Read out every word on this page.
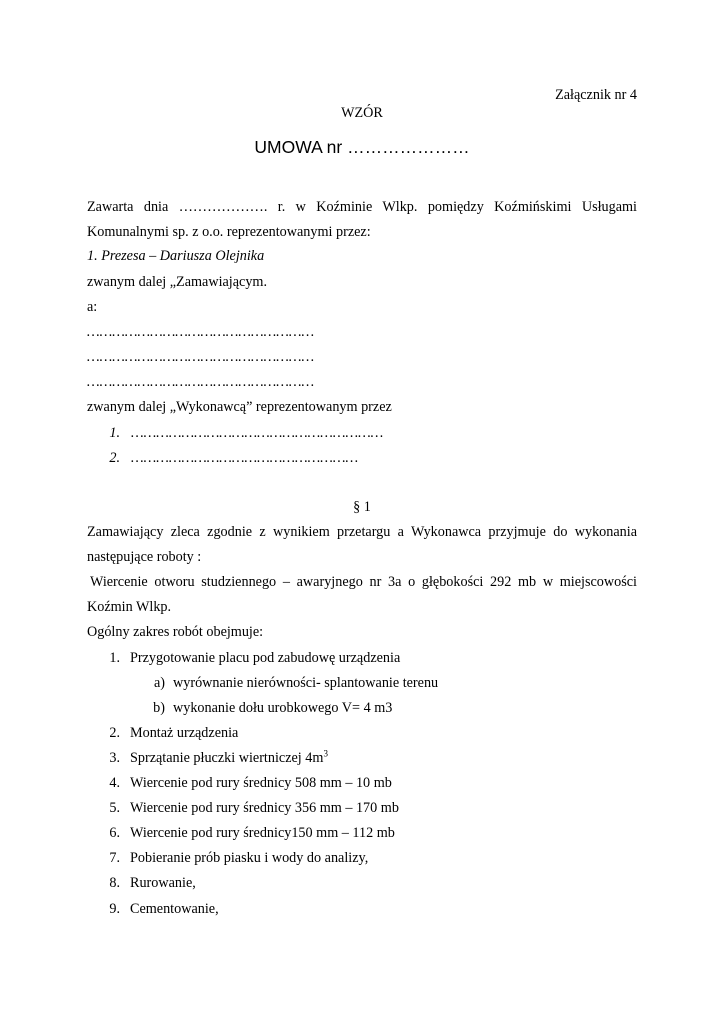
Załącznik nr 4
WZÓR
UMOWA nr …………………
Zawarta dnia ………………. r. w Koźminie Wlkp. pomiędzy Koźmińskimi Usługami
Komunalnymi sp. z o.o. reprezentowanymi przez:
1. Prezesa – Dariusza Olejnika
zwanym dalej „Zamawiającym.
a:
………………………………………………
………………………………………………
………………………………………………
zwanym dalej „Wykonawcą” reprezentowanym przez
1. ……………………………………………………
2. ………………………………………………
§ 1
Zamawiający zleca zgodnie z wynikiem przetargu a Wykonawca przyjmuje do wykonania
następujące roboty :
Wiercenie otworu studziennego – awaryjnego nr 3a o głębokości 292 mb w miejscowości
Koźmin Wlkp.
Ogólny zakres robót obejmuje:
1. Przygotowanie placu pod zabudowę urządzenia
a) wyrównanie nierówności- splantowanie terenu
b) wykonanie dołu urobkowego V= 4 m3
2. Montaż urządzenia
3. Sprzątanie płuczki wiertniczej $4m^3$
4. Wiercenie pod rury średnicy 508 mm – 10 mb
5. Wiercenie pod rury średnicy 356 mm – 170 mb
6. Wiercenie pod rury średnicy150 mm – 112 mb
7. Pobieranie prób piasku i wody do analizy,
8. Rurowanie,
9. Cementowanie,
